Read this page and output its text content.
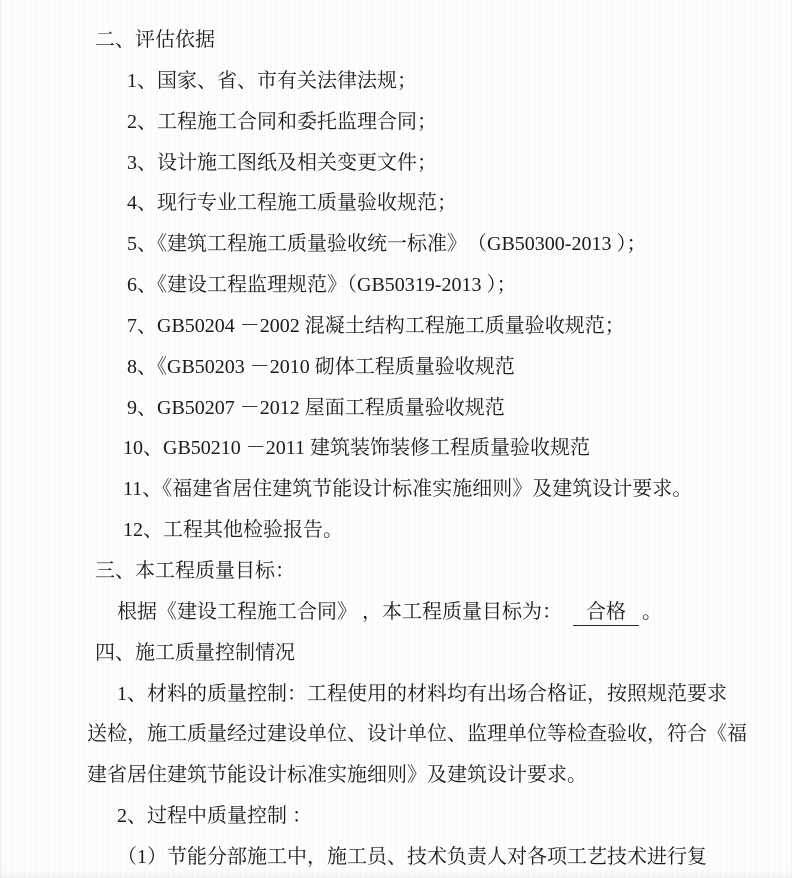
二、评估依据
1、国家、省、市有关法律法规；
2、工程施工合同和委托监理合同；
3、设计施工图纸及相关变更文件；
4、现行专业工程施工质量验收规范；
5、《建筑工程施工质量验收统一标准》　（GB50300-2013 ）；
6、《建设工程监理规范》（GB50319-2013 ）；
7、GB50204 －2002 混凝土结构工程施工质量验收规范；
8、《GB50203 －2010 砌体工程质量验收规范
9、GB50207 －2012 屋面工程质量验收规范
10、GB50210 －2011 建筑装饰装修工程质量验收规范
11、《福建省居住建筑节能设计标准实施细则》及建筑设计要求。
12、工程其他检验报告。
三、本工程质量目标：
根据《建设工程施工合同》 ，本工程质量目标为： 合格 。
四、施工质量控制情况
1、材料的质量控制：工程使用的材料均有出场合格证，按照规范要求
送检，施工质量经过建设单位、设计单位、监理单位等检查验收，符合《福
建省居住建筑节能设计标准实施细则》及建筑设计要求。
2、过程中质量控制 ：
（1）节能分部施工中，施工员、技术负责人对各项工艺技术进行复
